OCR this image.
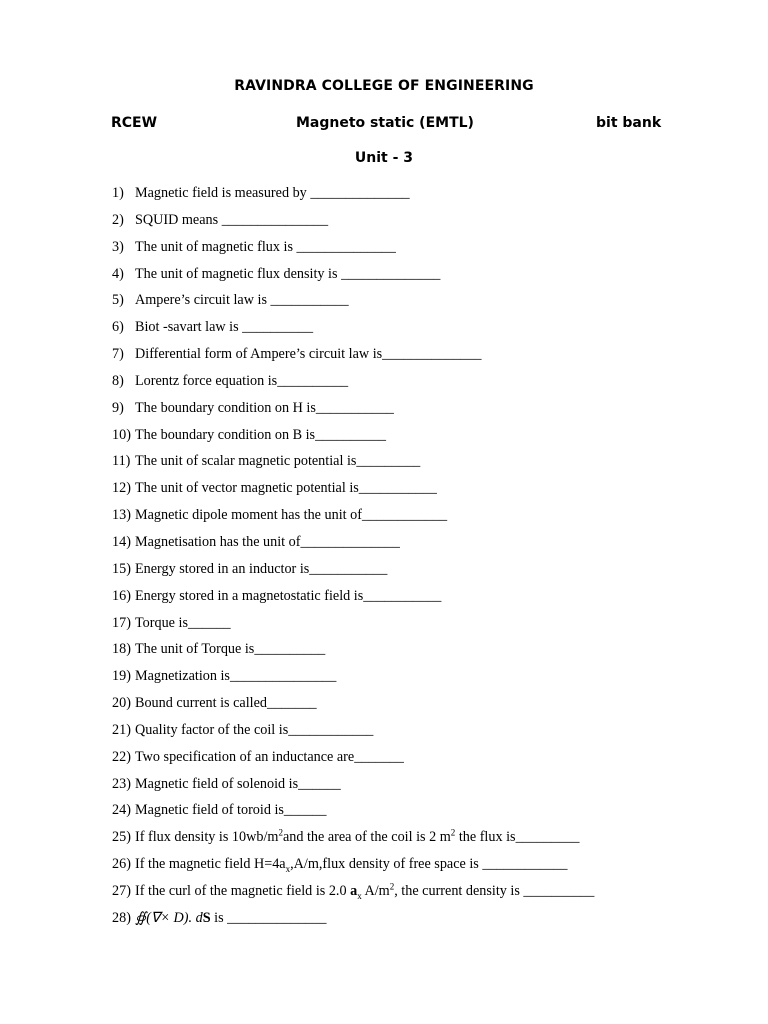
RAVINDRA COLLEGE OF ENGINEERING
RCEW	Magneto static (EMTL)	bit bank
Unit - 3
1) Magnetic field is measured by ______________
2) SQUID means _______________
3) The unit of magnetic flux is ______________
4) The unit of magnetic flux density is ______________
5) Ampere’s circuit law is ___________
6) Biot -savart law is __________
7) Differential form of Ampere’s circuit law is______________
8) Lorentz force equation is__________
9) The boundary condition on H is___________
10) The boundary condition on B is__________
11) The unit of scalar magnetic potential is_________
12) The unit of vector magnetic potential is___________
13) Magnetic dipole moment has the unit of____________
14) Magnetisation has the unit of______________
15) Energy stored in an inductor is___________
16) Energy stored in a magnetostatic field is___________
17) Torque is______
18) The unit of Torque is__________
19) Magnetization is_______________
20) Bound current is called_______
21) Quality factor of the coil is____________
22) Two specification of an inductance are_______
23) Magnetic field of solenoid is______
24) Magnetic field of toroid is______
25) If flux density is $10wb/m^2and$ the area of the coil is 2 $m^2$ the flux is_________
26) If the magnetic field $H=4a_x,A/m,flux$ density of free space is ____________
27) If the curl of the magnetic field is 2.0 $a_x$ $A/m^2$, the current density is __________
28) ∯(∇× D). dS is ______________
